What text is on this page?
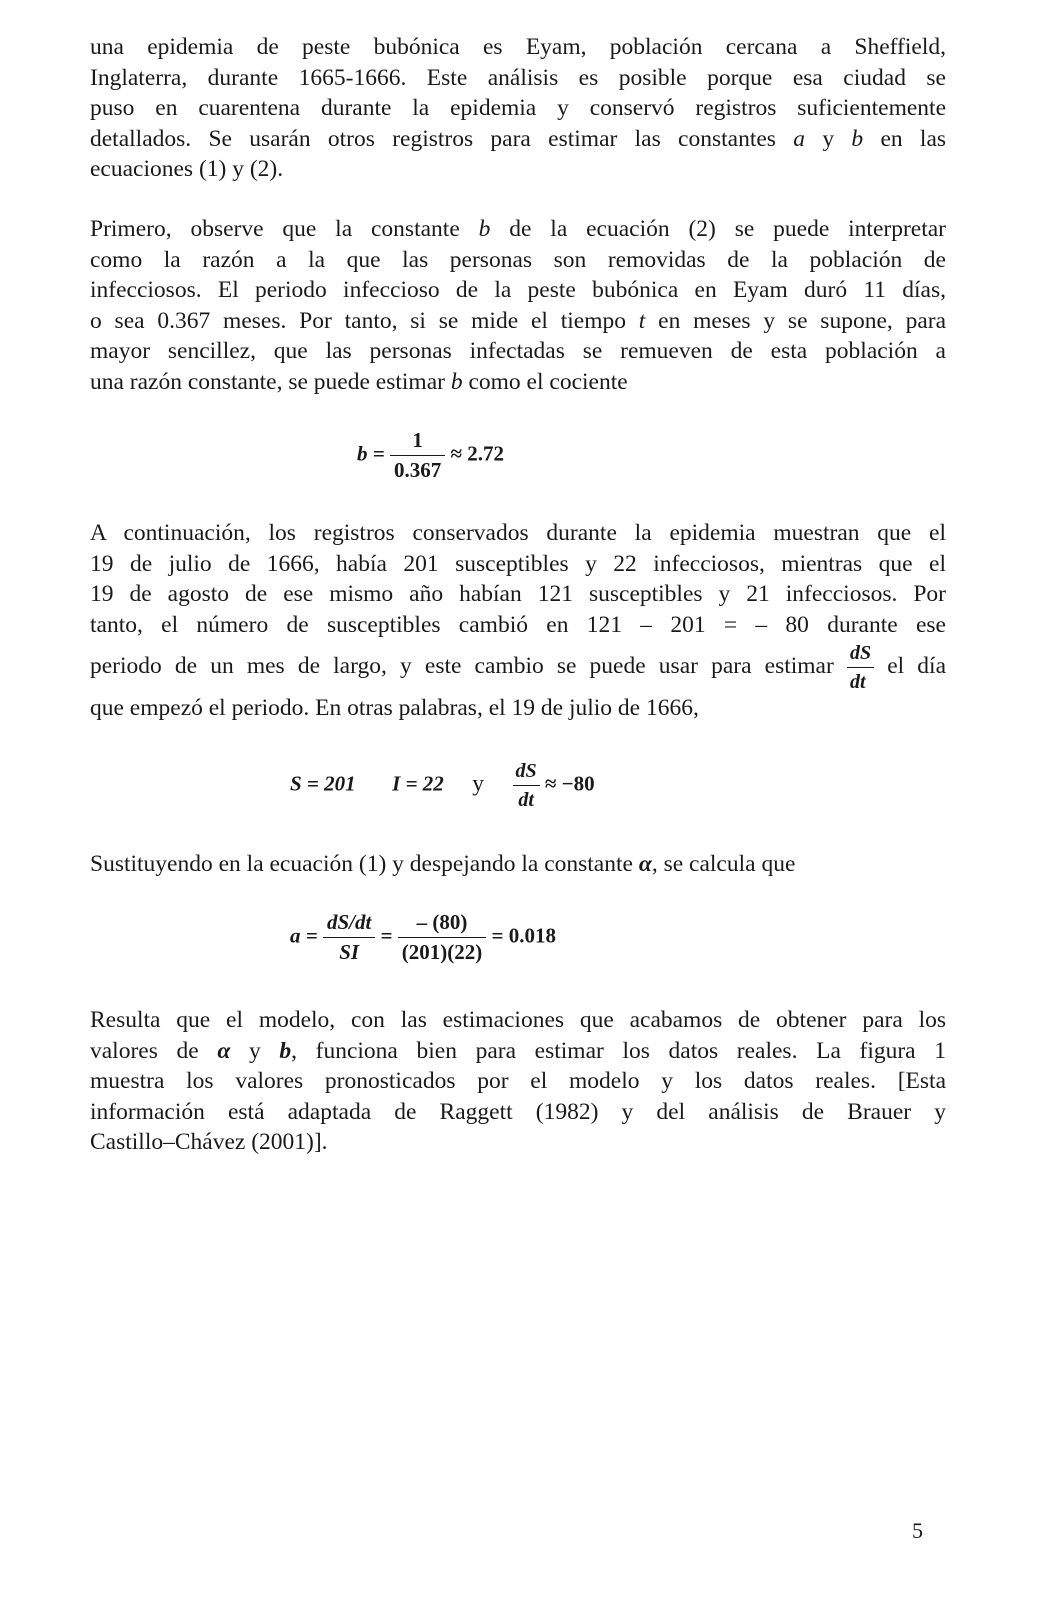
una epidemia de peste bubónica es Eyam, población cercana a Sheffield,
Inglaterra, durante 1665-1666. Este análisis es posible porque esa ciudad se
puso en cuarentena durante la epidemia y conservó registros suficientemente
detallados. Se usarán otros registros para estimar las constantes a y b en las
ecuaciones (1) y (2).

Primero, observe que la constante b de la ecuación (2) se puede interpretar
como la razón a la que las personas son removidas de la población de
infecciosos. El periodo infeccioso de la peste bubónica en Eyam duró 11 días,
o sea 0.367 meses. Por tanto, si se mide el tiempo t en meses y se supone, para
mayor sencillez, que las personas infectadas se remueven de esta población a
una razón constante, se puede estimar b como el cociente

$b = \frac{1}{0.367} \approx 2.72$

A continuación, los registros conservados durante la epidemia muestran que el
19 de julio de 1666, había 201 susceptibles y 22 infecciosos, mientras que el
19 de agosto de ese mismo año habían 121 susceptibles y 21 infecciosos. Por
tanto, el número de susceptibles cambió en 121 – 201 = – 80 durante ese
periodo de un mes de largo, y este cambio se puede usar para estimar $\frac{dS}{dt}$ el día
que empezó el periodo. En otras palabras, el 19 de julio de 1666,

S = 201 I = 22 y $\frac{dS}{dt} \approx -80$

Sustituyendo en la ecuación (1) y despejando la constante α, se calcula que

$a = \frac{dS/dt}{SI} = \frac{- (80)}{(201)(22)} = 0.018$

Resulta que el modelo, con las estimaciones que acabamos de obtener para los
valores de α y b, funciona bien para estimar los datos reales. La figura 1
muestra los valores pronosticados por el modelo y los datos reales. [Esta
información está adaptada de Raggett (1982) y del análisis de Brauer y
Castillo–Chávez (2001)].

5
